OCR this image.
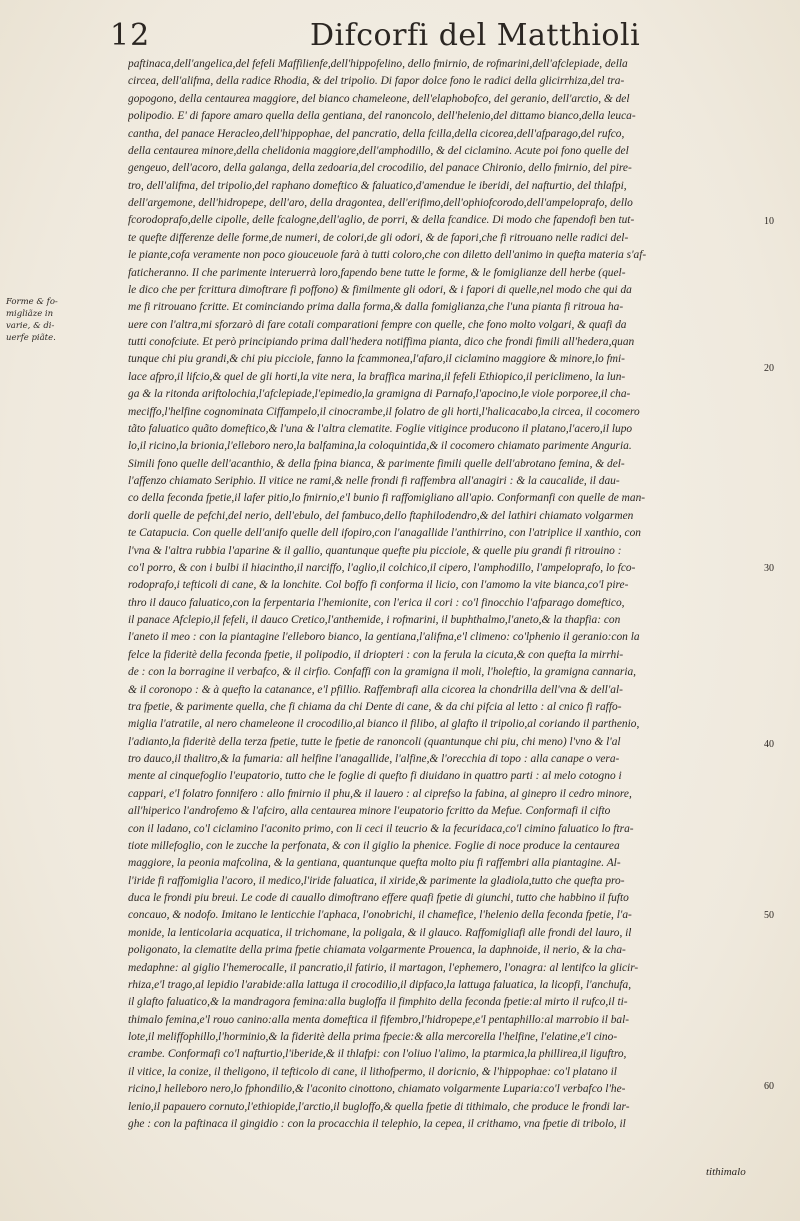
12	Difcorfi del Matthioli
Forme & fo-
migliãze in
varie, & di-
uerfe piãte.
paftinaca,dell'angelica,del fefeli Maffilienfe,dell'hippofelino, dello fmirnio, de rofmarini,dell'afclepiade, della
circea, dell'alifma, della radice Rhodia, & del tripolio. Di fapor dolce fono le radici della glicirrhiza,del tra-
gopogono, della centaurea maggiore, del bianco chameleone, dell'elaphobofco, del geranio, dell'arctio, & del
polipodio. E' di fapore amaro quella della gentiana, del ranoncolo, dell'helenio,del dittamo bianco,della leuca-
cantha, del panace Heracleo,dell'hippophae, del pancratio, della fcilla,della cicorea,dell'afparago,del rufco,
della centaurea minore,della chelidonia maggiore,dell'amphodillo, & del ciclamino. Acute poi fono quelle del
gengeuo, dell'acoro, della galanga, della zedoaria,del crocodilio, del panace Chironio, dello fmirnio, del pire-
tro, dell'alifma, del tripolio,del raphano domeftico & faluatico,d'amendue le iberidi, del nafturtio, del thlafpi,
dell'argemone, dell'hidropepe, dell'aro, della dragontea, dell'erifimo,dell'ophiofcorodo,dell'ampeloprafo, dello
fcorodoprafo,delle cipolle, delle fcalogne,dell'aglio, de porri, & della fcandice. Di modo che fapendofi ben tut-
te quefte differenze delle forme,de numeri, de colori,de gli odori, & de fapori,che fi ritrouano nelle radici del-
le piante,cofa veramente non poco giouceuole farà à tutti coloro,che con diletto dell'animo in quefta materia s'af-
faticheranno. Il che parimente interuerrà loro,fapendo bene tutte le forme, & le fomiglianze dell herbe (quel-
le dico che per fcrittura dimoftrare fi poffono) & fimilmente gli odori, & i fapori di quelle,nel modo che qui da
me fi ritrouano fcritte. Et cominciando prima dalla forma,& dalla fomiglianza,che l'una pianta fi ritroua ha-
uere con l'altra,mi sforzarò di fare cotali comparationi fempre con quelle, che fono molto volgari, & quafi da
tutti conofciute. Et però principiando prima dall'hedera notiffima pianta, dico che frondi fimili all'hedera,quan
tunque chi piu grandi,& chi piu picciole, fanno la fcammonea,l'afaro,il ciclamino maggiore & minore,lo fmi-
lace afpro,il lifcio,& quel de gli horti,la vite nera, la braffica marina,il fefeli Ethiopico,il periclimeno, la lun-
ga & la ritonda ariftolochia,l'afclepiade,l'epimedio,la gramigna di Parnafo,l'apocino,le viole porporee,il cha-
meciffo,l'helfine cognominata Ciffampelo,il cinocrambe,il folatro de gli horti,l'halicacabo,la circea, il cocomero
tãto faluatico quãto domeftico,& l'una & l'altra clematite. Foglie vitigince producono il platano,l'acero,il lupo
lo,il ricino,la brionia,l'elleboro nero,la balfamina,la coloquintida,& il cocomero chiamato parimente Anguria.
Simili fono quelle dell'acanthio, & della fpina bianca, & parimente fimili quelle dell'abrotano femina, & del-
l'affenzo chiamato Seriphio. Il vitice ne rami,& nelle frondi fi raffembra all'anagiri : & la caucalide, il dau-
co della feconda fpetie,il lafer pitio,lo fmirnio,e'l bunio fi raffomigliano all'apio. Conformanfi con quelle de man-
dorli quelle de pefchi,del nerio, dell'ebulo, del fambuco,dello ftaphilodendro,& del lathiri chiamato volgarmen
te Catapucia. Con quelle dell'anifo quelle dell ifopiro,con l'anagallide l'anthirrino, con l'atriplice il xanthio, con
l'vna & l'altra rubbia l'aparine & il gallio, quantunque quefte piu picciole, & quelle piu grandi fi ritrouino :
co'l porro, & con i bulbi il hiacintho,il narciffo, l'aglio,il colchico,il cipero, l'amphodillo, l'ampeloprafo, lo fco-
rodoprafo,i tefticoli di cane, & la lonchite. Col boffo fi conforma il licio, con l'amomo la vite bianca,co'l pire-
thro il dauco faluatico,con la ferpentaria l'hemionite, con l'erica il cori : co'l finocchio l'afparago domeftico,
il panace Afclepio,il fefeli, il dauco Cretico,l'anthemide, i rofmarini, il buphthalmo,l'aneto,& la thapfia: con
l'aneto il meo : con la piantagine l'elleboro bianco, la gentiana,l'alifma,e'l climeno: co'lphenio il geranio:con la
felce la fideritè della feconda fpetie, il polipodio, il driopteri : con la ferula la cicuta,& con quefta la mirrhi-
de : con la borragine il verbafco, & il cirfio. Confaffi con la gramigna il moli, l'holeftio, la gramigna cannaria,
& il coronopo : & à quefto la catanance, e'l pfillio. Raffembrafi alla cicorea la chondrilla dell'vna & dell'al-
tra fpetie, & parimente quella, che fi chiama da chi Dente di cane, & da chi pifcia al letto : al cnico fi raffo-
miglia l'atratile, al nero chameleone il crocodilio,al bianco il filibo, al glafto il tripolio,al coriando il parthenio,
l'adianto,la fideritè della terza fpetie, tutte le fpetie de ranoncoli (quantunque chi piu, chi meno) l'vno & l'al
tro dauco,il thalitro,& la fumaria: all helfine l'anagallide, l'alfine,& l'orecchia di topo : alla canape o vera-
mente al cinquefoglio l'eupatorio, tutto che le foglie di quefto fi diuidano in quattro parti : al melo cotogno i
cappari, e'l folatro fonnifero : allo fmirnio il phu,& il lauero : al ciprefso la fabina, al ginepro il cedro minore,
all'hiperico l'androfemo & l'afciro, alla centaurea minore l'eupatorio fcritto da Mefue. Conformafi il cifto
con il ladano, co'l ciclamino l'aconito primo, con li ceci il teucrio & la fecuridaca,co'l cimino faluatico lo ftra-
tiote millefoglio, con le zucche la perfonata, & con il giglio la phenice. Foglie di noce produce la centaurea
maggiore, la peonia mafcolina, & la gentiana, quantunque quefta molto piu fi raffembri alla piantagine. Al-
l'iride fi raffomiglia l'acoro, il medico,l'iride faluatica, il xiride,& parimente la gladiola,tutto che quefta pro-
duca le frondi piu breui. Le code di cauallo dimoftrano effere quafi fpetie di giunchi, tutto che habbino il fufto
concauo, & nodofo. Imitano le lenticchie l'aphaca, l'onobrichi, il chamefice, l'helenio della feconda fpetie, l'a-
monide, la lenticolaria acquatica, il trichomane, la poligala, & il glauco. Raffomigliafi alle frondi del lauro, il
poligonato, la clematite della prima fpetie chiamata volgarmente Prouenca, la daphnoide, il nerio, & la cha-
medaphne: al giglio l'hemerocalle, il pancratio,il fatirio, il martagon, l'ephemero, l'onagra: al lentifco la glicir-
rhiza,e'l trago,al lepidio l'arabide:alla lattuga il crocodilio,il dipfaco,la lattuga faluatica, la licopfi, l'anchufa,
il glafto faluatico,& la mandragora femina:alla bugloffa il fimphito della feconda fpetie:al mirto il rufco,il ti-
thimalo femina,e'l rouo canino:alla menta domeftica il fifembro,l'hidropepe,e'l pentaphillo:al marrobio il bal-
lote,il meliffophillo,l'horminio,& la fideritè della prima fpecie:& alla mercorella l'helfine, l'elatine,e'l cino-
crambe. Conformafi co'l nafturtio,l'iberide,& il thlafpi: con l'oliuo l'alimo, la ptarmica,la phillirea,il liguftro,
il vitice, la conize, il theligono, il tefticolo di cane, il lithofpermo, il doricnio, & l'hippophae: co'l platano il
ricino,l helleboro nero,lo fphondilio,& l'aconito cinottono, chiamato volgarmente Luparia:co'l verbafco l'he-
lenio,il papauero cornuto,l'ethiopide,l'arctio,il bugloffo,& quella fpetie di tithimalo, che produce le frondi lar-
ghe : con la paftinaca il gingidio : con la procacchia il telephio, la cepea, il crithamo, vna fpetie di tribolo, il
10
20
30
40
50
60
tithimalo
